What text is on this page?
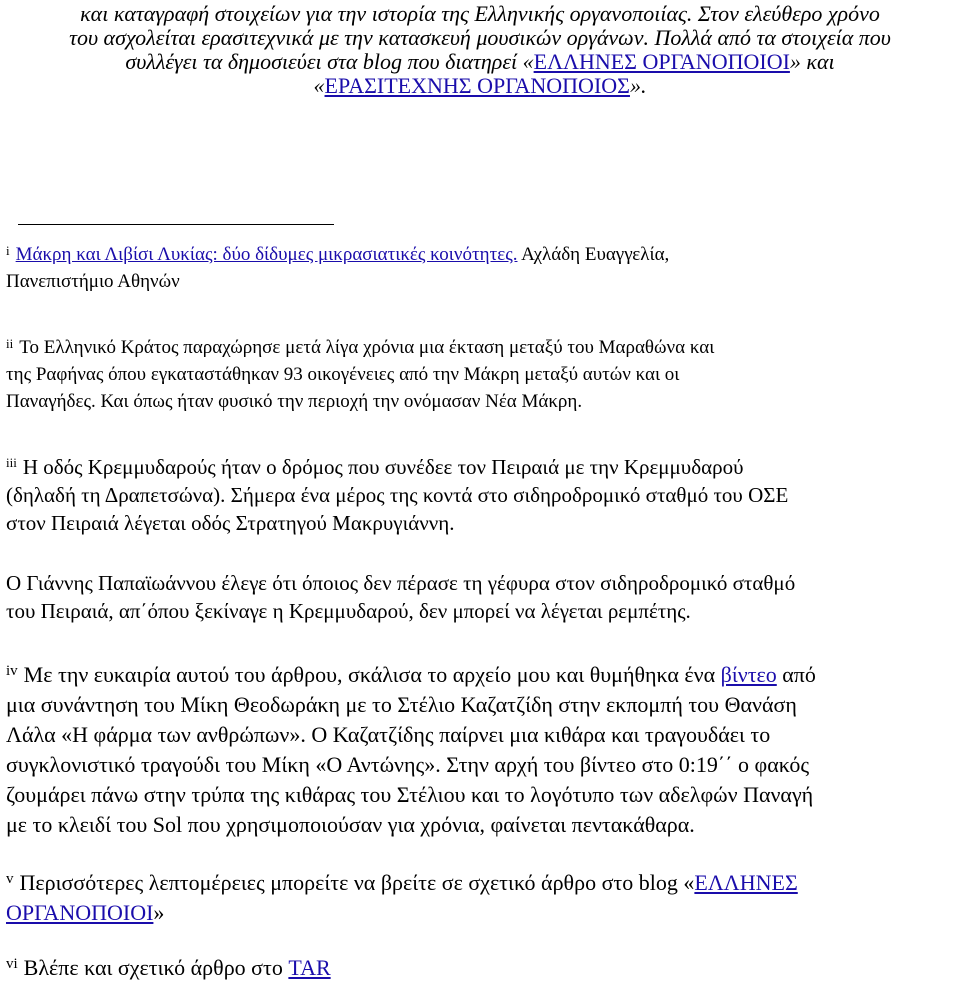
και καταγραφή στοιχείων για την ιστορία της Ελληνικής οργανοποιίας. Στον ελεύθερο χρόνο
του ασχολείται ερασιτεχνικά με την κατασκευή μουσικών οργάνων. Πολλά από τα στοιχεία που
συλλέγει τα δημοσιεύει στα blog που διατηρεί «ΕΛΛΗΝΕΣ ΟΡΓΑΝΟΠΟΙΟΙ» και
«ΕΡΑΣΙΤΕΧΝΗΣ ΟΡΓΑΝΟΠΟΙΟΣ».
$^i$ Μάκρη και Λιβίσι Λυκίας: δύο δίδυμες μικρασιατικές κοινότητες. Αχλάδη Ευαγγελία,
Πανεπιστήμιο Αθηνών
$^{ii}$ Το Ελληνικό Κράτος παραχώρησε μετά λίγα χρόνια μια έκταση μεταξύ του Μαραθώνα και
της Ραφήνας όπου εγκαταστάθηκαν 93 οικογένειες από την Μάκρη μεταξύ αυτών και οι
Παναγήδες. Και όπως ήταν φυσικό την περιοχή την ονόμασαν Νέα Μάκρη.
$^{iii}$ Η οδός Κρεμμυδαρούς ήταν ο δρόμος που συνέδεε τον Πειραιά με την Κρεμμυδαρού
(δηλαδή τη Δραπετσώνα). Σήμερα ένα μέρος της κοντά στο σιδηροδρομικό σταθμό του ΟΣΕ
στον Πειραιά λέγεται οδός Στρατηγού Μακρυγιάννη.
Ο Γιάννης Παπαϊωάννου έλεγε ότι όποιος δεν πέρασε τη γέφυρα στον σιδηροδρομικό σταθμό
του Πειραιά, απ΄όπου ξεκίναγε η Κρεμμυδαρού, δεν μπορεί να λέγεται ρεμπέτης.
$^{iv}$ Με την ευκαιρία αυτού του άρθρου, σκάλισα το αρχείο μου και θυμήθηκα ένα βίντεο από
μια συνάντηση του Μίκη Θεοδωράκη με το Στέλιο Καζατζίδη στην εκπομπή του Θανάση
Λάλα «Η φάρμα των ανθρώπων». Ο Καζατζίδης παίρνει μια κιθάρα και τραγουδάει το
συγκλονιστικό τραγούδι του Μίκη «Ο Αντώνης». Στην αρχή του βίντεο στο 0:19΄΄ ο φακός
ζουμάρει πάνω στην τρύπα της κιθάρας του Στέλιου και το λογότυπο των αδελφών Παναγή
με το κλειδί του Sol που χρησιμοποιούσαν για χρόνια, φαίνεται πεντακάθαρα.
$^v$ Περισσότερες λεπτομέρειες μπορείτε να βρείτε σε σχετικό άρθρο στο blog «ΕΛΛΗΝΕΣ
ΟΡΓΑΝΟΠΟΙΟΙ»
$^{vi}$ Βλέπε και σχετικό άρθρο στο TAR
